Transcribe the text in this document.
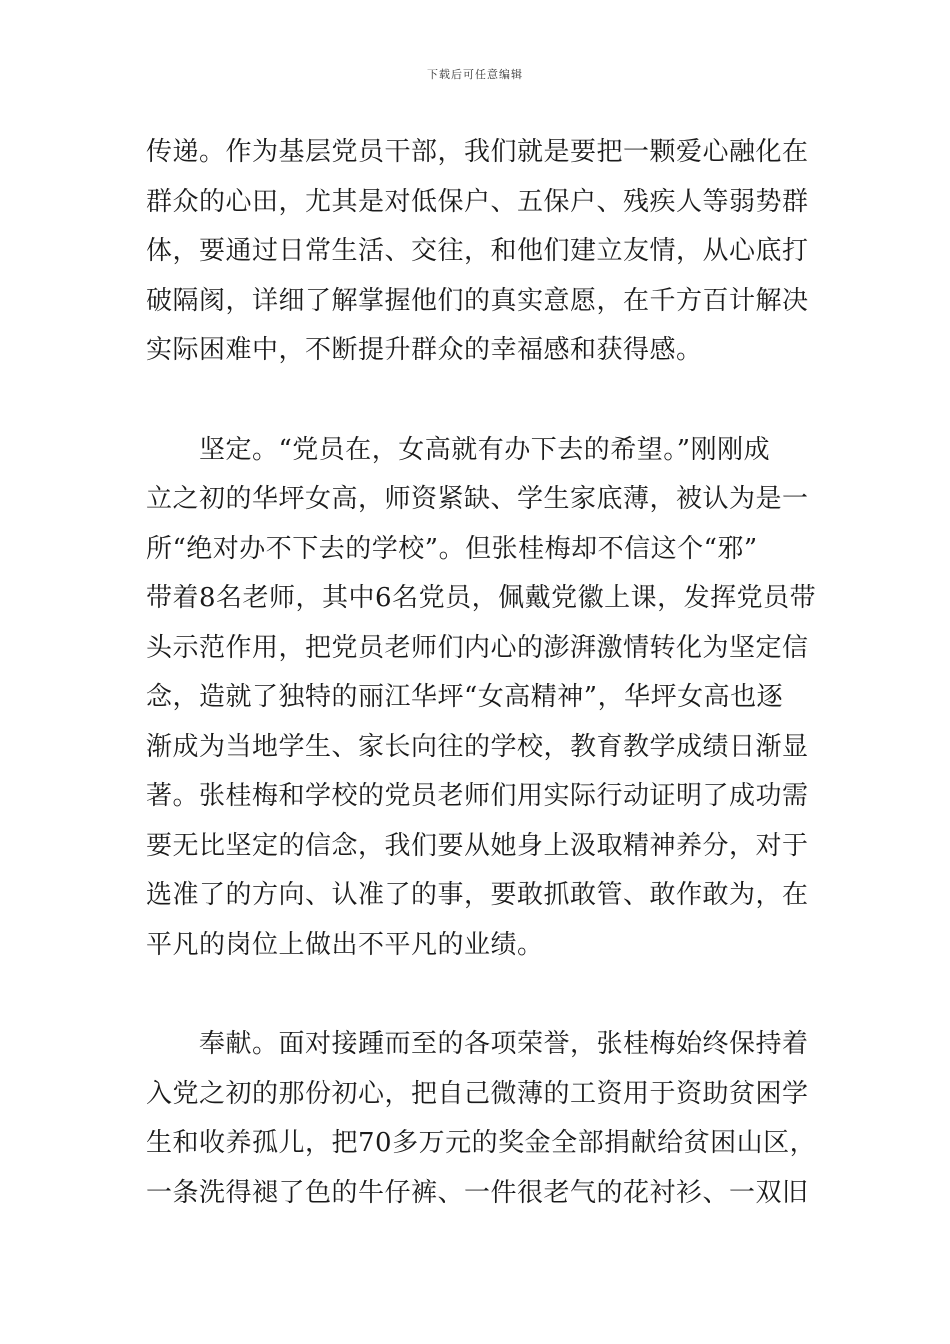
下载后可任意编辑
传递。作为基层党员干部，我们就是要把一颗爱心融化在
群众的心田，尤其是对低保户、五保户、残疾人等弱势群
体，要通过日常生活、交往，和他们建立友情，从心底打
破隔阂，详细了解掌握他们的真实意愿，在千方百计解决
实际困难中，不断提升群众的幸福感和获得感。
　　坚定。“党员在，女高就有办下去的希望。”刚刚成
立之初的华坪女高，师资紧缺、学生家底薄，被认为是一
所“绝对办不下去的学校”。但张桂梅却不信这个“邪”
带着8名老师，其中6名党员，佩戴党徽上课，发挥党员带
头示范作用，把党员老师们内心的澎湃激情转化为坚定信
念，造就了独特的丽江华坪“女高精神”，华坪女高也逐
渐成为当地学生、家长向往的学校，教育教学成绩日渐显
著。张桂梅和学校的党员老师们用实际行动证明了成功需
要无比坚定的信念，我们要从她身上汲取精神养分，对于
选准了的方向、认准了的事，要敢抓敢管、敢作敢为，在
平凡的岗位上做出不平凡的业绩。
　　奉献。面对接踵而至的各项荣誉，张桂梅始终保持着
入党之初的那份初心，把自己微薄的工资用于资助贫困学
生和收养孤儿，把70多万元的奖金全部捐献给贫困山区，
一条洗得褪了色的牛仔裤、一件很老气的花衬衫、一双旧
